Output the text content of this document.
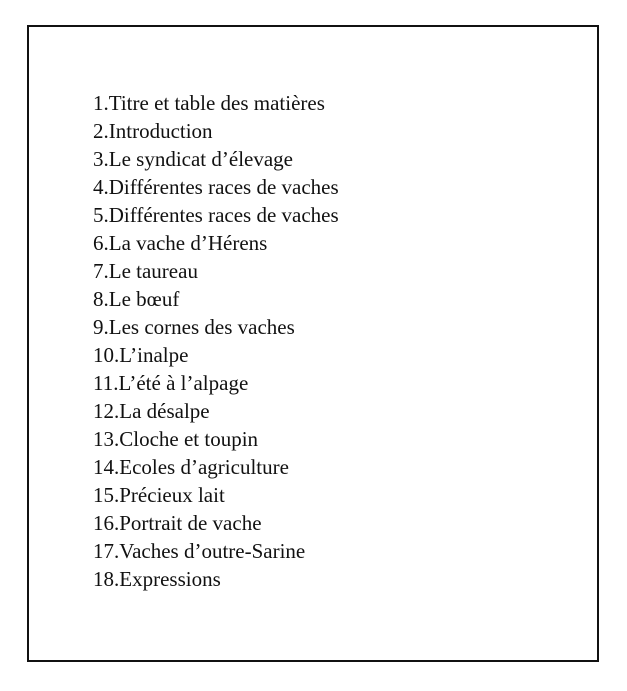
1.Titre et table des matières
2.Introduction
3.Le syndicat d’élevage
4.Différentes races de vaches
5.Différentes races de vaches
6.La vache d’Hérens
7.Le taureau
8.Le bœuf
9.Les cornes des vaches
10.L’inalpe
11.L’été à l’alpage
12.La désalpe
13.Cloche et toupin
14.Ecoles d’agriculture
15.Précieux lait
16.Portrait de vache
17.Vaches d’outre-Sarine
18.Expressions
